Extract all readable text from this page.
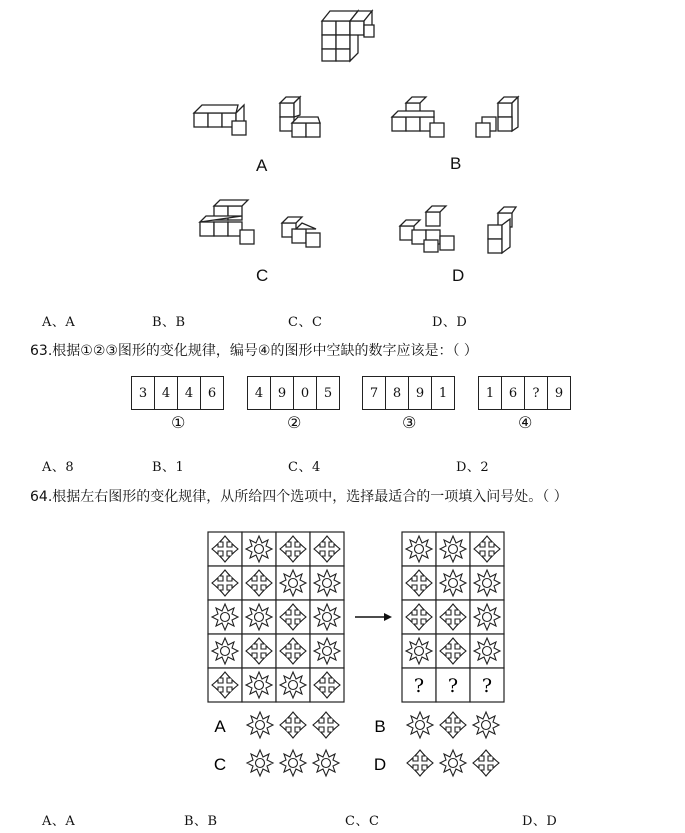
A	B
C	D
A、A	B、B	C、C	D、D
63.根据①②③图形的变化规律，编号④的图形中空缺的数字应该是：（ ）
3	4	4	6	4	9	0	5	7	8	9	1	1	6	?	9
①	②	③	④
A、8	B、1	C、4	D、2
64.根据左右图形的变化规律，从所给四个选项中，选择最适合的一项填入问号处。（ ）
? ? ?
A	B
C	D
A、A	B、B	C、C	D、D
